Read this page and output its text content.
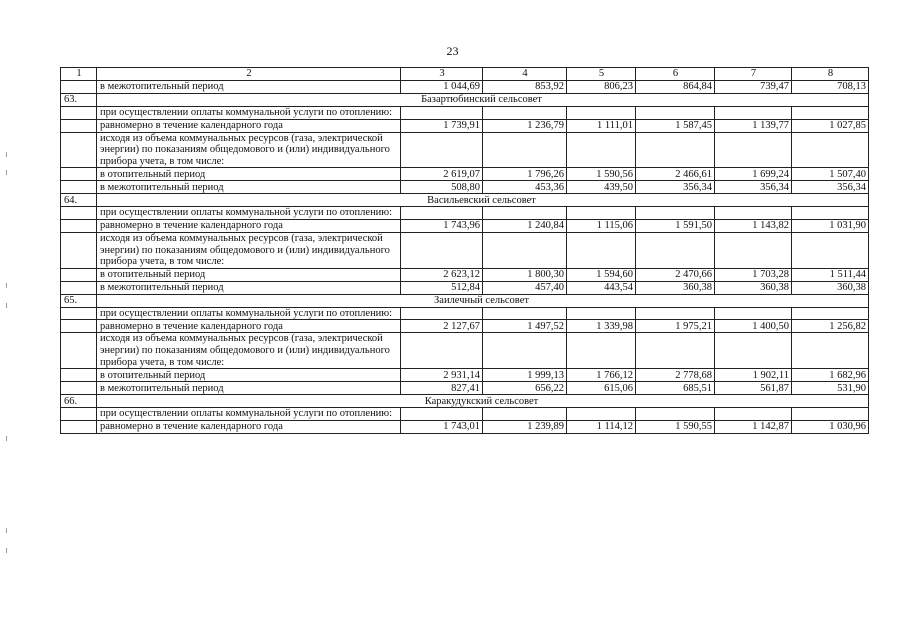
23
1	2	3	4	5	6	7	8
	в межотопительный период	1 044,69	853,92	806,23	864,84	739,47	708,13
63.	Базартюбинский сельсовет						
	при осуществлении оплаты коммунальной услуги по отоплению:						
	равномерно в течение календарного года	1 739,91	1 236,79	1 111,01	1 587,45	1 139,77	1 027,85
	исходя из объема коммунальных ресурсов (газа, электрической энергии) по показаниям общедомового и (или) индивидуального прибора учета, в том числе:						
	в отопительный период	2 619,07	1 796,26	1 590,56	2 466,61	1 699,24	1 507,40
	в межотопительный период	508,80	453,36	439,50	356,34	356,34	356,34
64.	Васильевский сельсовет						
	при осуществлении оплаты коммунальной услуги по отоплению:						
	равномерно в течение календарного года	1 743,96	1 240,84	1 115,06	1 591,50	1 143,82	1 031,90
	исходя из объема коммунальных ресурсов (газа, электрической энергии) по показаниям общедомового и (или) индивидуального прибора учета, в том числе:						
	в отопительный период	2 623,12	1 800,30	1 594,60	2 470,66	1 703,28	1 511,44
	в межотопительный период	512,84	457,40	443,54	360,38	360,38	360,38
65.	Заилечный сельсовет						
	при осуществлении оплаты коммунальной услуги по отоплению:						
	равномерно в течение календарного года	2 127,67	1 497,52	1 339,98	1 975,21	1 400,50	1 256,82
	исходя из объема коммунальных ресурсов (газа, электрической энергии) по показаниям общедомового и (или) индивидуального прибора учета, в том числе:						
	в отопительный период	2 931,14	1 999,13	1 766,12	2 778,68	1 902,11	1 682,96
	в межотопительный период	827,41	656,22	615,06	685,51	561,87	531,90
66.	Каракудукский сельсовет						
	при осуществлении оплаты коммунальной услуги по отоплению:						
	равномерно в течение календарного года	1 743,01	1 239,89	1 114,12	1 590,55	1 142,87	1 030,96
